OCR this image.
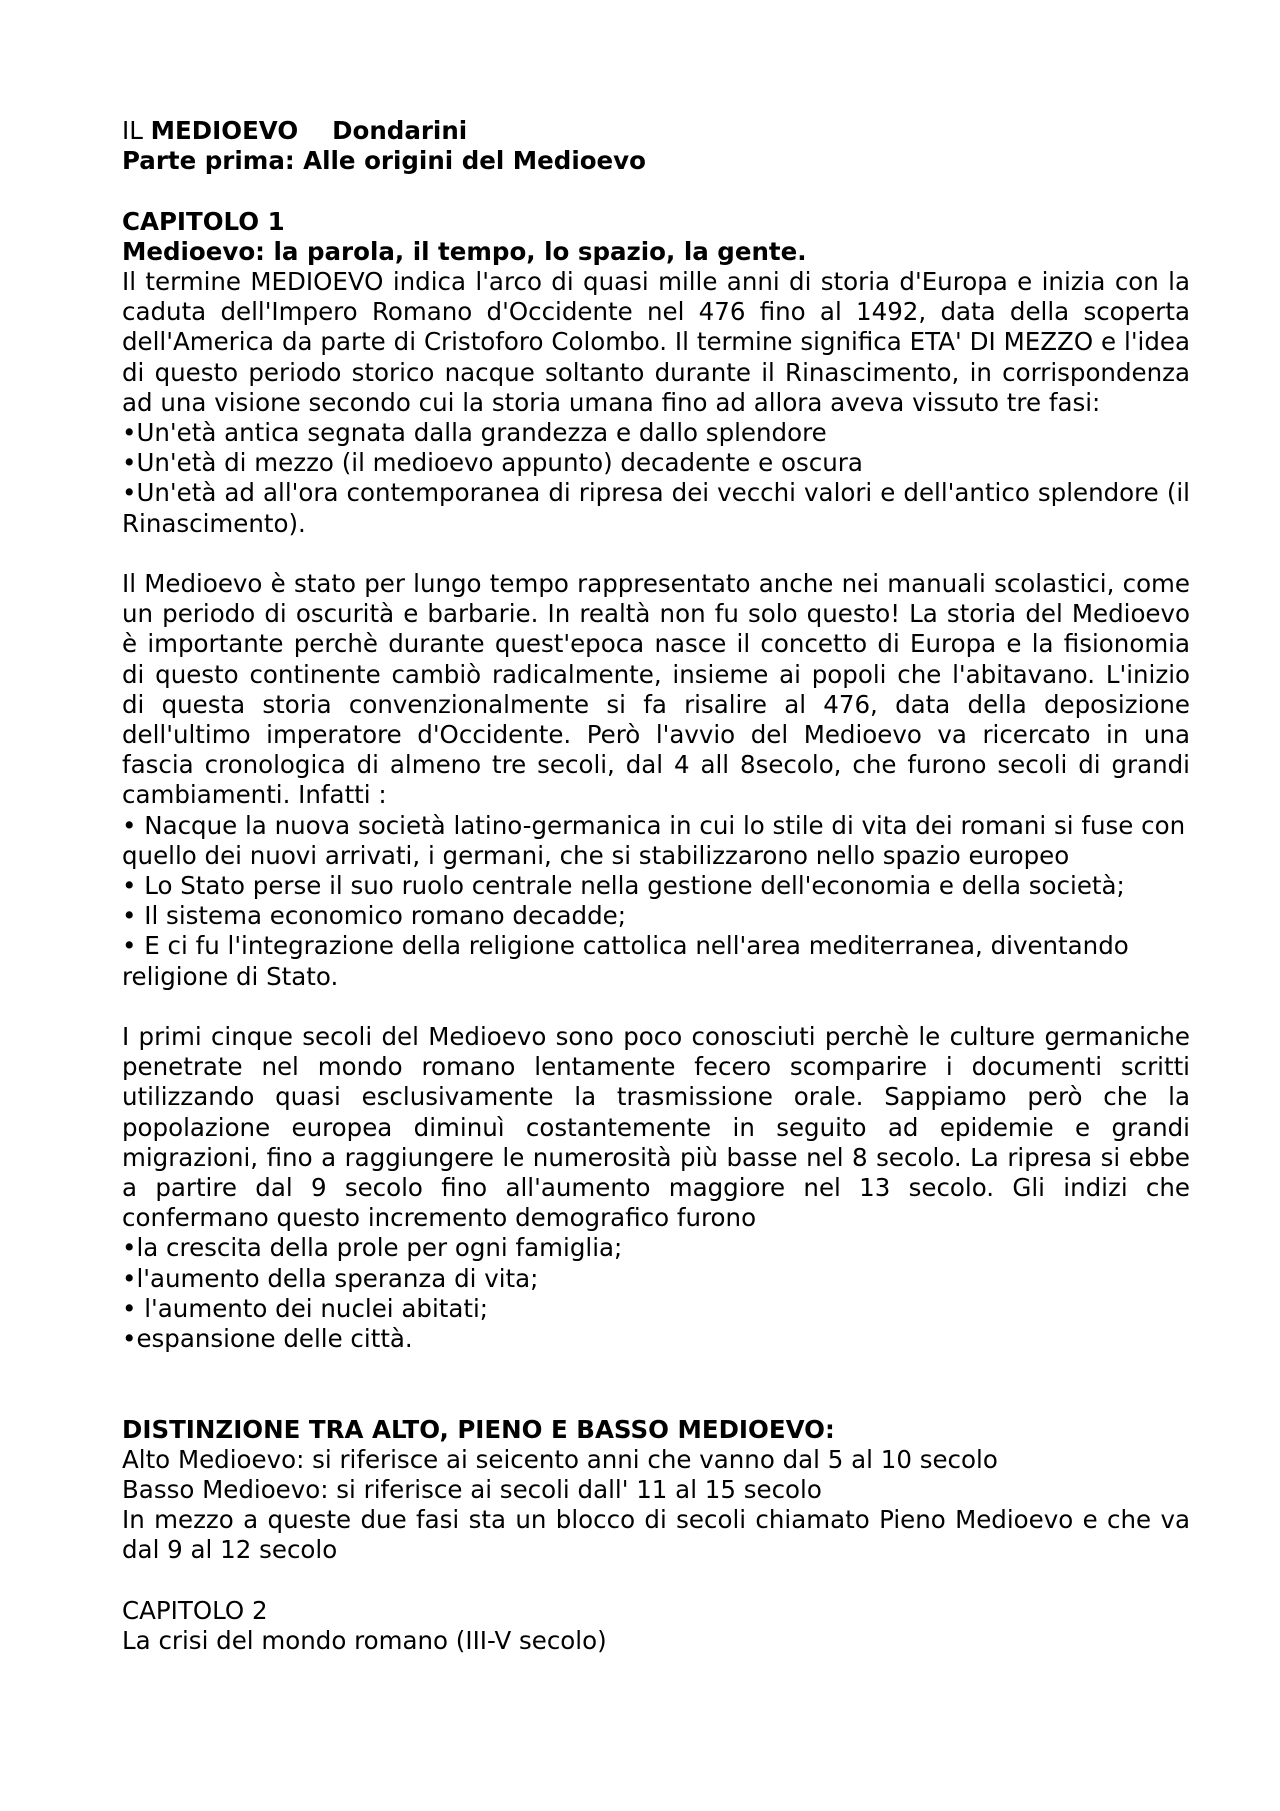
IL MEDIOEVO Dondarini
Parte prima: Alle origini del Medioevo
CAPITOLO 1
Medioevo: la parola, il tempo, lo spazio, la gente.

Il termine MEDIOEVO indica l'arco di quasi mille anni di storia d'Europa e inizia con la caduta dell'Impero Romano d'Occidente nel 476 fino al 1492, data della scoperta dell'America da parte di Cristoforo Colombo. Il termine significa ETA' DI MEZZO e l'idea di questo periodo storico nacque soltanto durante il Rinascimento, in corrispondenza ad una visione secondo cui la storia umana fino ad allora aveva vissuto tre fasi:

•Un'età antica segnata dalla grandezza e dallo splendore
•Un'età di mezzo (il medioevo appunto) decadente e oscura
•Un'età ad all'ora contemporanea di ripresa dei vecchi valori e dell'antico splendore (il Rinascimento).

Il Medioevo è stato per lungo tempo rappresentato anche nei manuali scolastici, come un periodo di oscurità e barbarie. In realtà non fu solo questo! La storia del Medioevo è importante perchè durante quest'epoca nasce il concetto di Europa e la fisionomia di questo continente cambiò radicalmente, insieme ai popoli che l'abitavano. L'inizio di questa storia convenzionalmente si fa risalire al 476, data della deposizione dell'ultimo imperatore d'Occidente. Però l'avvio del Medioevo va ricercato in una fascia cronologica di almeno tre secoli, dal 4 all 8secolo, che furono secoli di grandi cambiamenti. Infatti :

• Nacque la nuova società latino-germanica in cui lo stile di vita dei romani si fuse con quello dei nuovi arrivati, i germani, che si stabilizzarono nello spazio europeo
• Lo Stato perse il suo ruolo centrale nella gestione dell'economia e della società;
• Il sistema economico romano decadde;
• E ci fu l'integrazione della religione cattolica nell'area mediterranea, diventando religione di Stato.

I primi cinque secoli del Medioevo sono poco conosciuti perchè le culture germaniche penetrate nel mondo romano lentamente fecero scomparire i documenti scritti utilizzando quasi esclusivamente la trasmissione orale. Sappiamo però che la popolazione europea diminuì costantemente in seguito ad epidemie e grandi migrazioni, fino a raggiungere le numerosità più basse nel 8 secolo. La ripresa si ebbe a partire dal 9 secolo fino all'aumento maggiore nel 13 secolo. Gli indizi che confermano questo incremento demografico furono

•la crescita della prole per ogni famiglia;
•l'aumento della speranza di vita;
• l'aumento dei nuclei abitati;
•espansione delle città.
DISTINZIONE TRA ALTO, PIENO E BASSO MEDIOEVO:
Alto Medioevo: si riferisce ai seicento anni che vanno dal 5 al 10 secolo
Basso Medioevo: si riferisce ai secoli dall' 11 al 15 secolo

In mezzo a queste due fasi sta un blocco di secoli chiamato Pieno Medioevo e che va dal 9 al 12 secolo

CAPITOLO 2
La crisi del mondo romano (III-V secolo)
